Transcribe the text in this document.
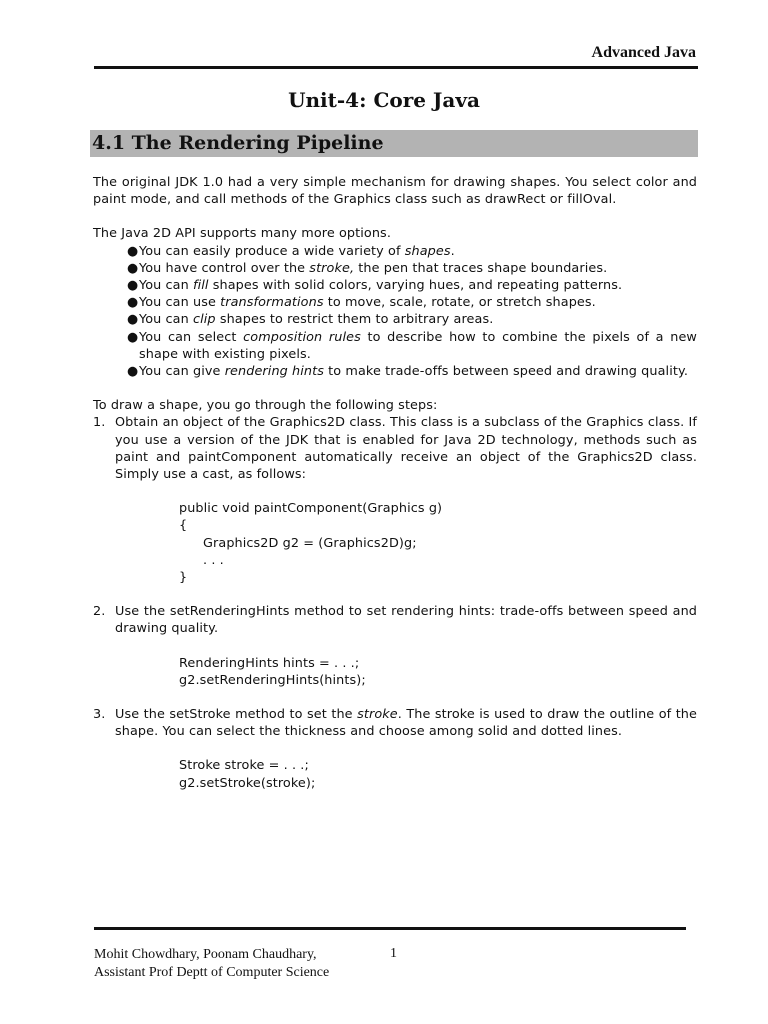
Advanced Java
Unit-4: Core Java
4.1 The Rendering Pipeline

The original JDK 1.0 had a very simple mechanism for drawing shapes. You select color and paint mode, and call methods of the Graphics class such as drawRect or fillOval.

The Java 2D API supports many more options.

● You can easily produce a wide variety of shapes.
● You have control over the stroke, the pen that traces shape boundaries.
● You can fill shapes with solid colors, varying hues, and repeating patterns.
● You can use transformations to move, scale, rotate, or stretch shapes.
● You can clip shapes to restrict them to arbitrary areas.
● You can select composition rules to describe how to combine the pixels of a new shape with existing pixels.
● You can give rendering hints to make trade-offs between speed and drawing quality.

To draw a shape, you go through the following steps:

1. Obtain an object of the Graphics2D class. This class is a subclass of the Graphics class. If you use a version of the JDK that is enabled for Java 2D technology, methods such as paint and paintComponent automatically receive an object of the Graphics2D class. Simply use a cast, as follows:
public void paintComponent(Graphics g)
{
Graphics2D g2 = (Graphics2D)g;
. . .
}
2. Use the setRenderingHints method to set rendering hints: trade-offs between speed and drawing quality.
RenderingHints hints = . . .;
g2.setRenderingHints(hints);
3. Use the setStroke method to set the stroke. The stroke is used to draw the outline of the shape. You can select the thickness and choose among solid and dotted lines.
Stroke stroke = . . .;
g2.setStroke(stroke);
Mohit Chowdhary, Poonam Chaudhary,
Assistant Prof Deptt of Computer Science
1
